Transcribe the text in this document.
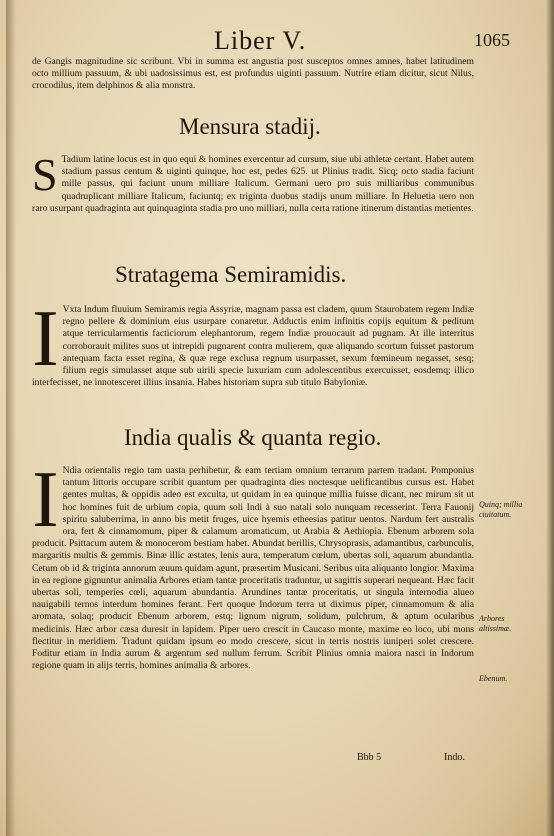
Liber V.	1065
de Gangis magnitudine sic scribunt. Vbi in summa est angustia post susceptos omnes amnes, habet latitudinem octo millium passuum, & ubi uadosissimus est, est profundus uiginti passuum. Nutrire etiam dicitur, sicut Nilus, crocodilus, item delphinos & alia monstra.
Mensura stadij.
S Tadium latine locus est in quo equi & homines exercentur ad cursum, siue ubi athletæ certant. Habet autem stadium passus centum & uiginti quinque, hoc est, pedes 625. ut Plinius tradit. Sicq; octo stadia faciunt mille passus, qui faciunt unum milliare Italicum. Germani uero pro suis milliaribus communibus quadruplicant milliare Italicum, faciuntq; ex triginta duobus stadijs unum milliare. In Heluetia uero non raro usurpant quadraginta aut quinquaginta stadia pro uno milliari, nulla certa ratione itinerum distantias metientes.
Stratagema Semiramidis.
I Vxta Indum fluuium Semiramis regia Assyriæ, magnam passa est cladem, quum Staurobatem regem Indiæ regno pellere & dominium eius usurpare conaretur. Adductis enim infinitis copijs equitum & peditum atque terricularmentis facticiorum elephantorum, regem Indiæ prouocauit ad pugnam. At ille interritus corroborauit milites suos ut intrepidi pugnarent contra mulierem, quæ aliquando scortum fuisset pastorum antequam facta esset regina, & quæ rege exclusa regnum usurpasset, sexum fœmineum negasset, sesq; filium regis simulasset atque sub uirili specie luxuriam cum adolescentibus exercuisset, eosdemq; illico interfecisset, ne innotesceret illius insania. Habes historiam supra sub titulo Babyloniæ.
India qualis & quanta regio.
I Ndia orientalis regio tam uasta perhibetur, & eam tertiam omnium terrarum partem tradant. Pomponius tantum littoris occupare scribit quantum per quadraginta dies noctesque uelificantibus cursus est. Habet gentes multas, & oppidis adeo est exculta, ut quidam in ea quinque millia fuisse dicant, nec mirum sit ut hoc homines fuit de urbium copia, quum soli Indi à suo natali solo nunquam recesserint. Terra Fauonij spiritu saluberrima, in anno bis metit fruges, uice hyemis etheesias patitur uentos. Nardum fert australis ora, fert & cinnamomum, piper & calamum aromaticum, ut Arabia & Aethiopia. Ebenum arborem sola producit. Psittacum autem & monocerom bestiam habet. Abundat berillis, Chrysoprasis, adamantibus, carbunculis, margaritis multis & gemmis. Binæ illic æstates, lenis aura, temperatum cœlum, ubertas soli, aquarum abundantia. Cetum ob id & triginta annorum æuum quidam agunt, præsertim Musicani. Seribus uita aliquanto longior. Maxima in ea regione gignuntur animalia Arbores etiam tantæ proceritatis traduntur, ut sagittis superari nequeant. Hæc facit ubertas soli, temperies cœli, aquarum abundantia. Arundines tantæ proceritatis, ut singula internodia alueo nauigabili ternos interdum homines ferant. Fert quoque Indorum terra ut diximus piper, cinnamomum & alia aromata, solaq; producit Ebenum arborem, estq; lignum nigrum, solidum, pulchrum, & aptum ocularibus medicinis. Hæc arbor cæsa duresit in lapidem. Piper uero crescit in Caucaso monte, maxime eo loco, ubi mons flectitur in meridiem. Tradunt quidam ipsum eo modo crescere, sicut in terris nostris iuniperi solet crescere. Foditur etiam in India aurum & argentum sed nullum ferrum. Scribit Plinius omnia maiora nasci in Indorum regione quam in alijs terris, homines animalia & arbores.
Quinq; millia ciuitatum.
Arbores altissimæ.
Ebenum.
Bbb 5	Indo.
